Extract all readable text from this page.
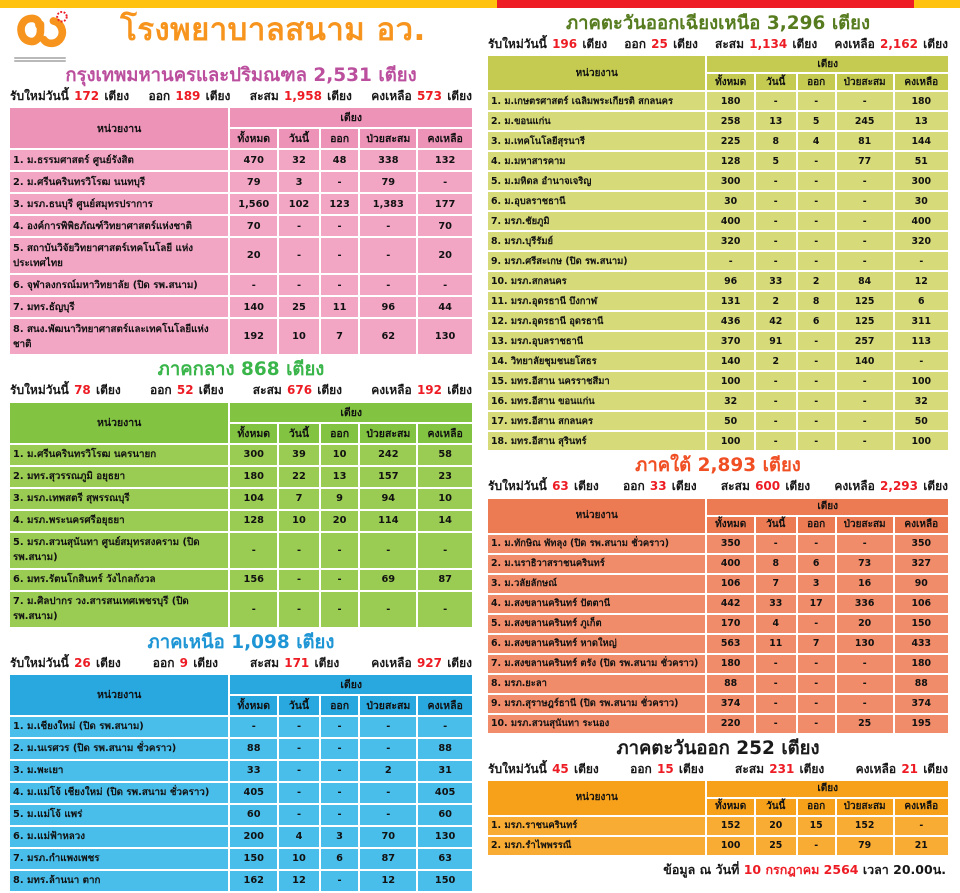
โรงพยาบาลสนาม อว.
กรุงเทพมหานครและปริมณฑล 2,531 เตียง
รับใหม่วันนี้ 172 เตียง ออก 189 เตียง สะสม 1,958 เตียง คงเหลือ 573 เตียง
หน่วยงาน	เตียง				
	ทั้งหมด	วันนี้	ออก	ป่วยสะสม	คงเหลือ
1. ม.ธรรมศาสตร์ ศูนย์รังสิต	470	32	48	338	132
2. ม.ศรีนครินทรวิโรฒ นนทบุรี	79	3	-	79	-
3. มรภ.ธนบุรี ศูนย์สมุทรปราการ	1,560	102	123	1,383	177
4. องค์การพิพิธภัณฑ์วิทยาศาสตร์แห่งชาติ	70	-	-	-	70
5. สถาบันวิจัยวิทยาศาสตร์เทคโนโลยี แห่งประเทศไทย	20	-	-	-	20
6. จุฬาลงกรณ์มหาวิทยาลัย (ปิด รพ.สนาม)	-	-	-	-	-
7. มทร.ธัญบุรี	140	25	11	96	44
8. สนง.พัฒนาวิทยาศาสตร์และเทคโนโลยีแห่งชาติ	192	10	7	62	130
ภาคกลาง 868 เตียง
รับใหม่วันนี้ 78 เตียง ออก 52 เตียง สะสม 676 เตียง คงเหลือ 192 เตียง
หน่วยงาน	เตียง				
	ทั้งหมด	วันนี้	ออก	ป่วยสะสม	คงเหลือ
1. ม.ศรีนครินทรวิโรฒ นครนายก	300	39	10	242	58
2. มทร.สุวรรณภูมิ อยุธยา	180	22	13	157	23
3. มรภ.เทพสตรี สุพรรณบุรี	104	7	9	94	10
4. มรภ.พระนครศรีอยุธยา	128	10	20	114	14
5. มรภ.สวนสุนันทา ศูนย์สมุทรสงคราม (ปิด รพ.สนาม)	-	-	-	-	-
6. มทร.รัตนโกสินทร์ วังไกลกังวล	156	-	-	69	87
7. ม.ศิลปากร วง.สารสนเทศเพชรบุรี (ปิด รพ.สนาม)	-	-	-	-	-
ภาคเหนือ 1,098 เตียง
รับใหม่วันนี้ 26 เตียง	ออก 9 เตียง	สะสม 171 เตียง	คงเหลือ 927 เตียง
หน่วยงาน	เตียง				
	ทั้งหมด	วันนี้	ออก	ป่วยสะสม	คงเหลือ
1. ม.เชียงใหม่ (ปิด รพ.สนาม)	-	-	-	-	-
2. ม.นเรศวร (ปิด รพ.สนาม ชั่วคราว)	88	-	-	-	88
3. ม.พะเยา	33	-	-	2	31
4. ม.แม่โจ้ เชียงใหม่ (ปิด รพ.สนาม ชั่วคราว)	405	-	-	-	405
5. ม.แม่โจ้ แพร่	60	-	-	-	60
6. ม.แม่ฟ้าหลวง	200	4	3	70	130
7. มรภ.กำแพงเพชร	150	10	6	87	63
8. มทร.ล้านนา ตาก	162	12	-	12	150
ภาคตะวันออกเฉียงเหนือ 3,296 เตียง
รับใหม่วันนี้ 196 เตียง ออก 25 เตียง สะสม 1,134 เตียง คงเหลือ 2,162 เตียง
หน่วยงาน	เตียง				
	ทั้งหมด	วันนี้	ออก	ป่วยสะสม	คงเหลือ
1. ม.เกษตรศาสตร์ เฉลิมพระเกียรติ สกลนคร	180	-	-	-	180
2. ม.ขอนแก่น	258	13	5	245	13
3. ม.เทคโนโลยีสุรนารี	225	8	4	81	144
4. ม.มหาสารคาม	128	5	-	77	51
5. ม.มหิดล อำนาจเจริญ	300	-	-	-	300
6. ม.อุบลราชธานี	30	-	-	-	30
7. มรภ.ชัยภูมิ	400	-	-	-	400
8. มรภ.บุรีรัมย์	320	-	-	-	320
9. มรภ.ศรีสะเกษ (ปิด รพ.สนาม)	-	-	-	-	-
10. มรภ.สกลนคร	96	33	2	84	12
11. มรภ.อุดรธานี บึงกาฬ	131	2	8	125	6
12. มรภ.อุดรธานี อุดรธานี	436	42	6	125	311
13. มรภ.อุบลราชธานี	370	91	-	257	113
14. วิทยาลัยชุมชนยโสธร	140	2	-	140	-
15. มทร.อีสาน นครราชสีมา	100	-	-	-	100
16. มทร.อีสาน ขอนแก่น	32	-	-	-	32
17. มทร.อีสาน สกลนคร	50	-	-	-	50
18. มทร.อีสาน สุรินทร์	100	-	-	-	100
ภาคใต้ 2,893 เตียง
รับใหม่วันนี้ 63 เตียง ออก 33 เตียง สะสม 600 เตียง คงเหลือ 2,293 เตียง
หน่วยงาน	เตียง				
	ทั้งหมด	วันนี้	ออก	ป่วยสะสม	คงเหลือ
1. ม.ทักษิณ พัทลุง (ปิด รพ.สนาม ชั่วคราว)	350	-	-	-	350
2. ม.นราธิวาสราชนครินทร์	400	8	6	73	327
3. ม.วลัยลักษณ์	106	7	3	16	90
4. ม.สงขลานครินทร์ ปัตตานี	442	33	17	336	106
5. ม.สงขลานครินทร์ ภูเก็ต	170	4	-	20	150
6. ม.สงขลานครินทร์ หาดใหญ่	563	11	7	130	433
7. ม.สงขลานครินทร์ ตรัง (ปิด รพ.สนาม ชั่วคราว)	180	-	-	-	180
8. มรภ.ยะลา	88	-	-	-	88
9. มรภ.สุราษฎร์ธานี (ปิด รพ.สนาม ชั่วคราว)	374	-	-	-	374
10. มรภ.สวนสุนันทา ระนอง	220	-	-	25	195
ภาคตะวันออก 252 เตียง
รับใหม่วันนี้ 45 เตียง	ออก 15 เตียง	สะสม 231 เตียง	คงเหลือ 21 เตียง
หน่วยงาน	เตียง				
	ทั้งหมด	วันนี้	ออก	ป่วยสะสม	คงเหลือ
1. มรภ.ราชนครินทร์	152	20	15	152	-
2. มรภ.รำไพพรรณี	100	25	-	79	21
ข้อมูล ณ วันที่ 10 กรกฎาคม 2564 เวลา 20.00น.
